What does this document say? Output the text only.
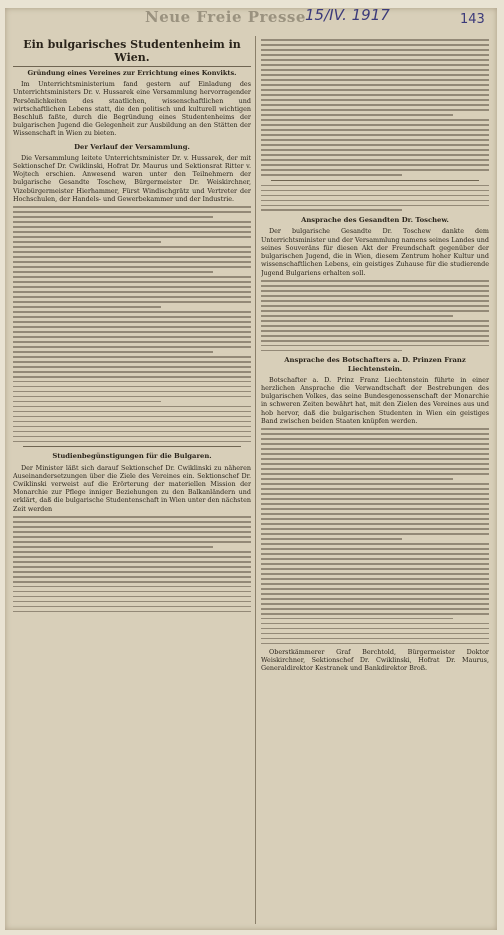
Neue Freie Presse 15/IV. 1917	143
Ein bulgarisches Studentenheim in Wien.
Gründung eines Vereines zur Errichtung eines Konvikts.

Im Unterrichtsministerium fand gestern auf Einladung des Unterrichtsministers Dr. v. Hussarek eine Versammlung hervorragender Persönlichkeiten des staatlichen, wissenschaftlichen und wirtschaftlichen Lebens statt, die den politisch und kulturell wichtigen Beschluß faßte, durch die Begründung eines Studentenheims der bulgarischen Jugend die Gelegenheit zur Ausbildung an den Stätten der Wissenschaft in Wien zu bieten.

Der Verlauf der Versammlung.

Die Versammlung leitete Unterrichtsminister Dr. v. Hussarek, der mit Sektionschef Dr. Cwiklinski, Hofrat Dr. Maurus und Sektionsrat Ritter v. Wojtech erschien. Anwesend waren unter den Teilnehmern der bulgarische Gesandte Toschew, Bürgermeister Dr. Weiskirchner, Vizebürgermeister Hierhammer, Fürst Windischgrätz und Vertreter der Hochschulen, der Handels- und Gewerbekammer und der Industrie.

Studienbegünstigungen für die Bulgaren.

Der Minister läßt sich darauf Sektionschef Dr. Cwiklinski zu näheren Auseinandersetzungen über die Ziele des Vereines ein. Sektionschef Dr. Cwiklinski verweist auf die Erörterung der materiellen Mission der Monarchie zur Pflege inniger Beziehungen zu den Balkanländern und erklärt, daß die bulgarische Studentenschaft in Wien unter den nächsten Zeit werden

Ansprache des Gesandten Dr. Toschew.

Der bulgarische Gesandte Dr. Toschew dankte dem Unterrichtsminister und der Versammlung namens seines Landes und seines Souveräns für diesen Akt der Freundschaft gegenüber der bulgarischen Jugend, die in Wien, diesem Zentrum hoher Kultur und wissenschaftlichen Lebens, ein geistiges Zuhause für die studierende Jugend Bulgariens erhalten soll.

Ansprache des Botschafters a. D. Prinzen Franz Liechtenstein.

Botschafter a. D. Prinz Franz Liechtenstein führte in einer herzlichen Ansprache die Verwandtschaft der Bestrebungen des bulgarischen Volkes, das seine Bundesgenossenschaft der Monarchie in schweren Zeiten bewährt hat, mit den Zielen des Vereines aus und hob hervor, daß die bulgarischen Studenten in Wien ein geistiges Band zwischen beiden Staaten knüpfen werden.

Oberstkämmerer Graf Berchtold, Bürgermeister Doktor Weiskirchner, Sektionschef Dr. Cwiklinski, Hofrat Dr. Maurus, Generaldirektor Kestranek und Bankdirektor Broß.
